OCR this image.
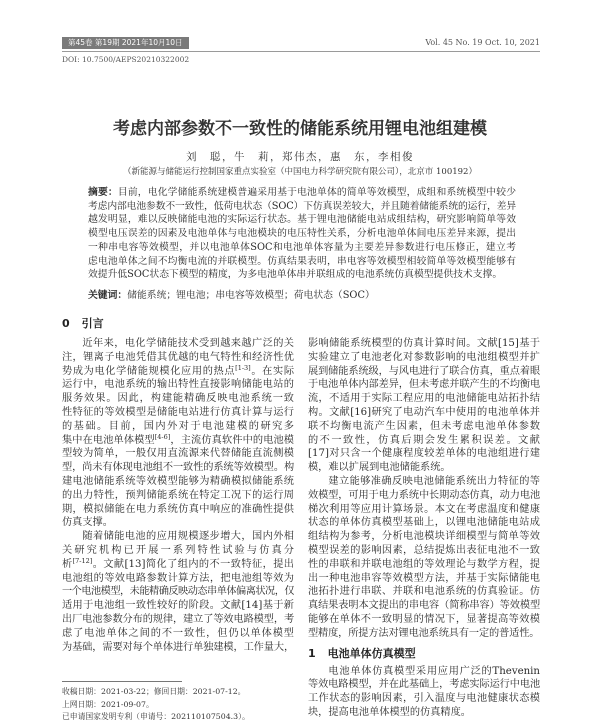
第45卷 第19期 2021年10月10日	Vol. 45 No. 19 Oct. 10, 2021
DOI: 10.7500/AEPS20210322002
考虑内部参数不一致性的储能系统用锂电池组建模
刘　聪，牛　莉，郑伟杰，惠　东，李相俊
（新能源与储能运行控制国家重点实验室（中国电力科学研究院有限公司），北京市 100192）
摘要：目前，电化学储能系统建模普遍采用基于电池单体的简单等效模型，成组和系统模型中较少
考虑内部电池参数不一致性，低荷电状态（SOC）下仿真误差较大，并且随着储能系统的运行，差异
越发明显，难以反映储能电池的实际运行状态。基于锂电池储能电站成组结构，研究影响简单等效
模型电压误差的因素及电池单体与电池模块的电压特性关系，分析电池单体间电压差异来源，提出
一种串电容等效模型，并以电池单体SOC和电池单体容量为主要差异参数进行电压修正，建立考
虑电池单体之间不均衡电流的并联模型。仿真结果表明，串电容等效模型相较简单等效模型能够有
效提升低SOC状态下模型的精度，为多电池单体串并联组成的电池系统仿真模型提供技术支撑。
关键词：储能系统；锂电池；串电容等效模型；荷电状态（SOC）
0 引言
近年来，电化学储能技术受到越来越广泛的关
注，锂离子电池凭借其优越的电气特性和经济性优
势成为电化学储能规模化应用的热点[1-3]。在实际
运行中，电池系统的输出特性直接影响储能电站的
服务效果。因此，构建能精确反映电池系统一致
性特征的等效模型是储能电站进行仿真计算与运行
的基础。目前，国内外对于电池建模的研究多
集中在电池单体模型[4-6]，主流仿真软件中的电池模
型较为简单，一般仅用直流源来代替储能直流侧模
型，尚未有体现电池组不一致性的系统等效模型。构
建电池储能系统等效模型能够为精确模拟储能系统
的出力特性，预判储能系统在特定工况下的运行周
期，模拟储能在电力系统仿真中响应的准确性提供
仿真支撑。
随着储能电池的应用规模逐步增大，国内外相
关研究机构已开展一系列特性试验与仿真分
析[7-12]。文献[13]简化了组内的不一致特征，提出
电池组的等效电路参数计算方法，把电池组等效为
一个电池模型，未能精确反映动态串单体偏离状况，仅
适用于电池组一致性较好的阶段。文献[14]基于新
出厂电池参数分布的规律，建立了等效电路模型，考
虑了电池单体之间的不一致性，但仍以单体模型
为基础，需要对每个单体进行单独建模，工作量大，
影响储能系统模型的仿真计算时间。文献[15]基于
实验建立了电池老化对参数影响的电池组模型并扩
展到储能系统级，与风电进行了联合仿真，重点着眼
于电池单体内部差异，但未考虑并联产生的不均衡电
流，不适用于实际工程应用的电池储能电站拓扑结
构。文献[16]研究了电动汽车中使用的电池单体并
联不均衡电流产生因素，但未考虑电池单体参数
的不一致性，仿真后期会发生累积误差。文献
[17]对只含一个健康程度较差单体的电池组进行建
模，难以扩展到电池储能系统。
建立能够准确反映电池储能系统出力特征的等
效模型，可用于电力系统中长期动态仿真，动力电池
梯次利用等应用计算场景。本文在考虑温度和健康
状态的单体仿真模型基础上，以锂电池储能电站成
组结构为参考，分析电池模块详细模型与简单等效
模型误差的影响因素，总结提炼出表征电池不一致
性的串联和并联电池组的等效理论与数学方程，提
出一种电池串容等效模型方法，并基于实际储能电
池拓扑进行串联、并联和电池系统的仿真验证。仿
真结果表明本文提出的串电容（简称串容）等效模型
能够在单体不一致明显的情况下，显著提高等效模
型精度，所提方法对锂电池系统具有一定的普适性。
1 电池单体仿真模型
电池单体仿真模型采用应用广泛的Thevenin
等效电路模型，并在此基础上，考虑实际运行中电池
工作状态的影响因素，引入温度与电池健康状态模
块，提高电池单体模型的仿真精度。
收稿日期：2021-03-22；修回日期：2021-07-12。
上网日期：2021-09-07。
已申请国家发明专利（申请号：202110107504.3）。
